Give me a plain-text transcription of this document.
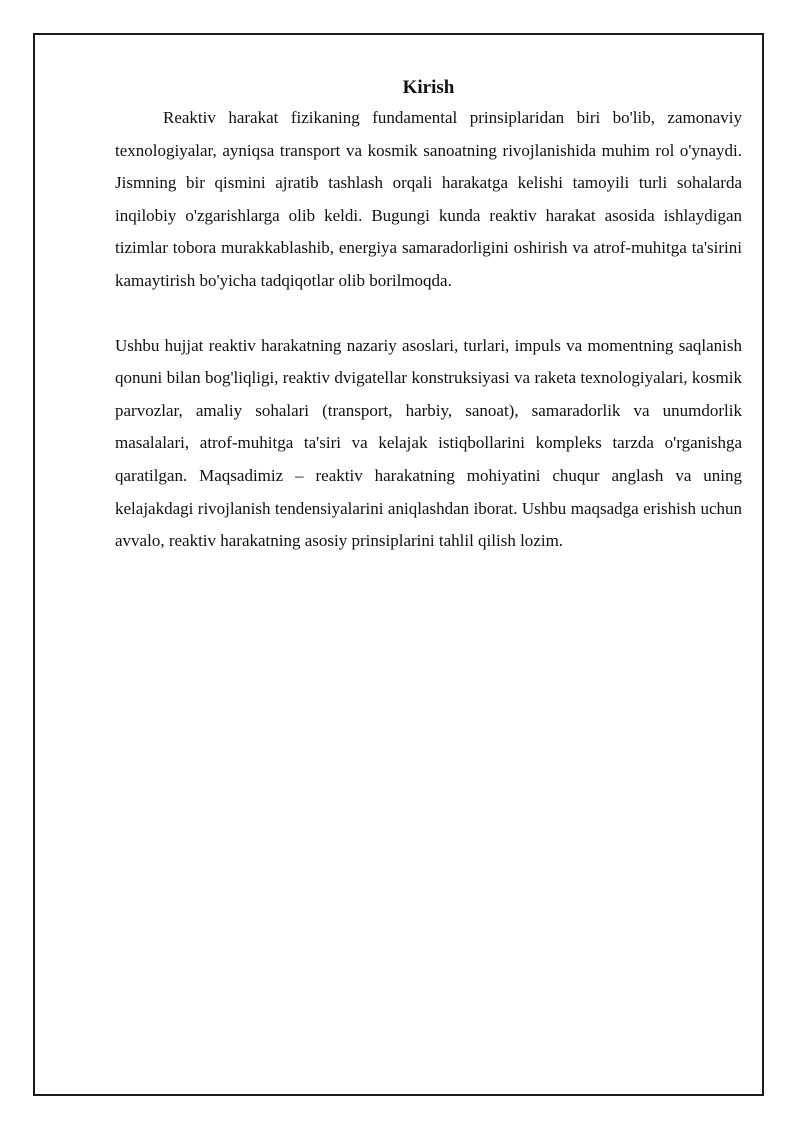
Kirish

Reaktiv harakat fizikaning fundamental prinsiplaridan biri bo'lib, zamonaviy texnologiyalar, ayniqsa transport va kosmik sanoatning rivojlanishida muhim rol o'ynaydi. Jismning bir qismini ajratib tashlash orqali harakatga kelishi tamoyili turli sohalarda inqilobiy o'zgarishlarga olib keldi. Bugungi kunda reaktiv harakat asosida ishlaydigan tizimlar tobora murakkablashib, energiya samaradorligini oshirish va atrof-muhitga ta'sirini kamaytirish bo'yicha tadqiqotlar olib borilmoqda.

Ushbu hujjat reaktiv harakatning nazariy asoslari, turlari, impuls va momentning saqlanish qonuni bilan bog'liqligi, reaktiv dvigatellar konstruksiyasi va raketa texnologiyalari, kosmik parvozlar, amaliy sohalari (transport, harbiy, sanoat), samaradorlik va unumdorlik masalalari, atrof-muhitga ta'siri va kelajak istiqbollarini kompleks tarzda o'rganishga qaratilgan. Maqsadimiz – reaktiv harakatning mohiyatini chuqur anglash va uning kelajakdagi rivojlanish tendensiyalarini aniqlashdan iborat. Ushbu maqsadga erishish uchun avvalo, reaktiv harakatning asosiy prinsiplarini tahlil qilish lozim.
